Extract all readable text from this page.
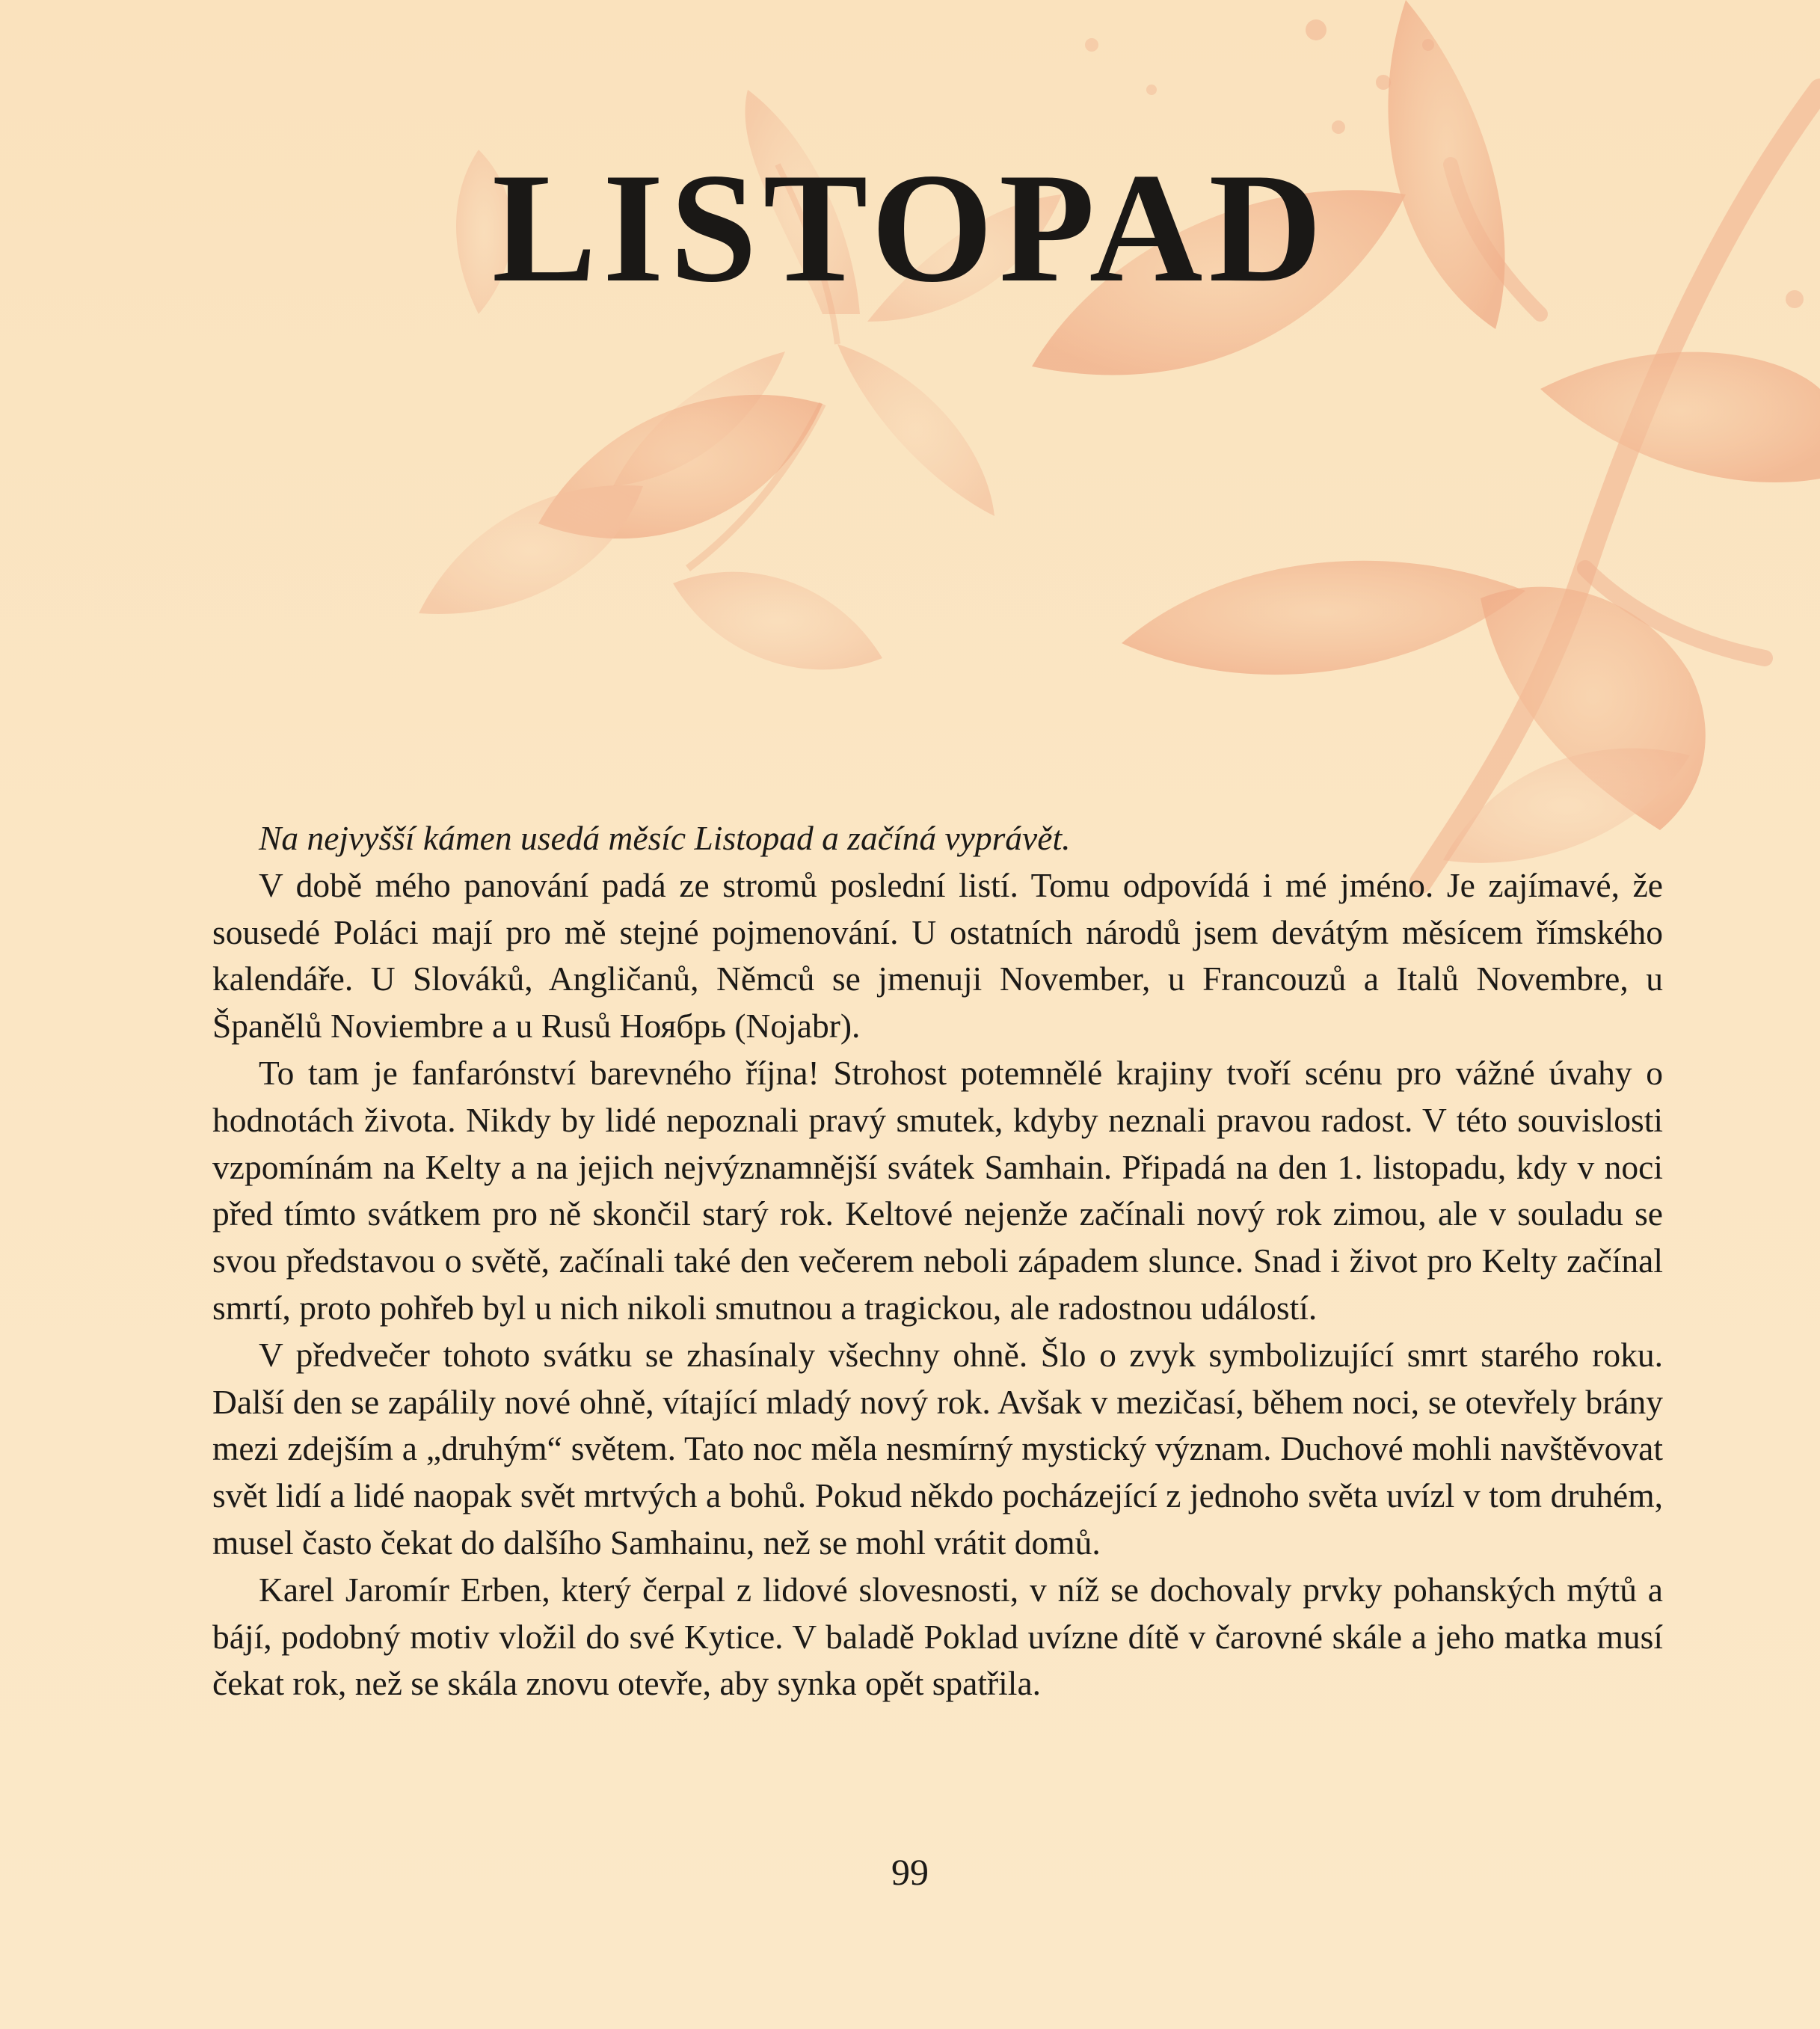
LISTOPAD

Na nejvyšší kámen usedá měsíc Listopad a začíná vyprávět.

V době mého panování padá ze stromů poslední listí. Tomu odpovídá i mé jméno. Je zajímavé, že sousedé Poláci mají pro mě stejné pojmenování. U ostatních národů jsem devátým měsícem římského kalendáře. U Slováků, Angličanů, Němců se jmenuji November, u Francouzů a Italů Novembre, u Španělů Noviembre a u Rusů Ноябрь (Nojabr).

To tam je fanfarónství barevného října! Strohost potemnělé krajiny tvoří scénu pro vážné úvahy o hodnotách života. Nikdy by lidé nepoznali pravý smutek, kdyby neznali pravou radost. V této souvislosti vzpomínám na Kelty a na jejich nejvýznamnější svátek Samhain. Připadá na den 1. listopadu, kdy v noci před tímto svátkem pro ně skončil starý rok. Keltové nejenže začínali nový rok zimou, ale v souladu se svou představou o světě, začínali také den večerem neboli západem slunce. Snad i život pro Kelty začínal smrtí, proto pohřeb byl u nich nikoli smutnou a tragickou, ale radostnou událostí.

V předvečer tohoto svátku se zhasínaly všechny ohně. Šlo o zvyk symbolizující smrt starého roku. Další den se zapálily nové ohně, vítající mladý nový rok. Avšak v mezičasí, během noci, se otevřely brány mezi zdejším a „druhým“ světem. Tato noc měla nesmírný mystický význam. Duchové mohli navštěvovat svět lidí a lidé naopak svět mrtvých a bohů. Pokud někdo pocházející z jednoho světa uvízl v tom druhém, musel často čekat do dalšího Samhainu, než se mohl vrátit domů.

Karel Jaromír Erben, který čerpal z lidové slovesnosti, v níž se dochovaly prvky pohanských mýtů a bájí, podobný motiv vložil do své Kytice. V baladě Poklad uvízne dítě v čarovné skále a jeho matka musí čekat rok, než se skála znovu otevře, aby synka opět spatřila.

99
